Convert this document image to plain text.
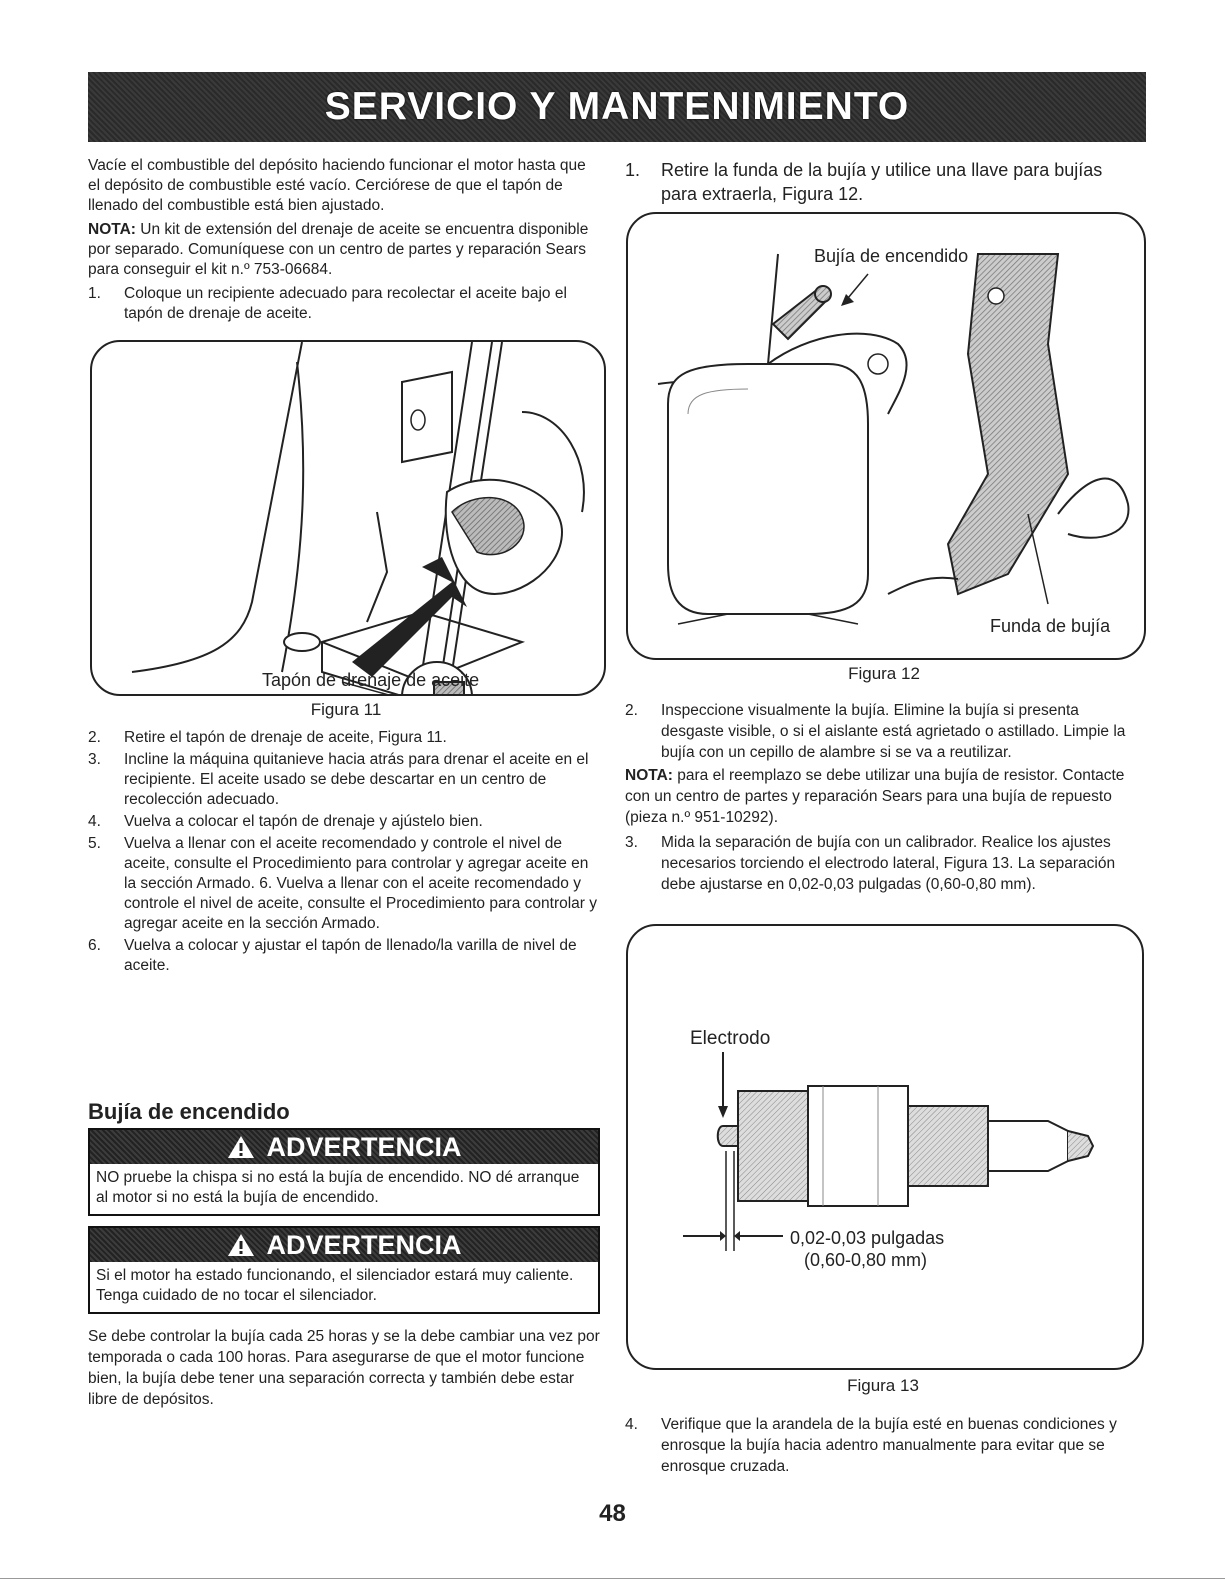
SERVICIO Y MANTENIMIENTO

Vacíe el combustible del depósito haciendo funcionar el motor hasta que el depósito de combustible esté vacío. Cerciórese de que el tapón de llenado del combustible está bien ajustado.

NOTA: Un kit de extensión del drenaje de aceite se encuentra disponible por separado. Comuníquese con un centro de partes y reparación Sears para conseguir el kit n.º 753-06684.

1. Coloque un recipiente adecuado para recolectar el aceite bajo el tapón de drenaje de aceite.
Tapón de drenaje de aceite
Figura 11
2. Retire el tapón de drenaje de aceite, Figura 11.
3. Incline la máquina quitanieve hacia atrás para drenar el aceite en el recipiente. El aceite usado se debe descartar en un centro de recolección adecuado.
4. Vuelva a colocar el tapón de drenaje y ajústelo bien.
5. Vuelva a llenar con el aceite recomendado y controle el nivel de aceite, consulte el Procedimiento para controlar y agregar aceite en la sección Armado. 6. Vuelva a llenar con el aceite recomendado y controle el nivel de aceite, consulte el Procedimiento para controlar y agregar aceite en la sección Armado.
6. Vuelva a colocar y ajustar el tapón de llenado/la varilla de nivel de aceite.
Bujía de encendido
ADVERTENCIA
NO pruebe la chispa si no está la bujía de encendido. NO dé arranque al motor si no está la bujía de encendido.
ADVERTENCIA
Si el motor ha estado funcionando, el silenciador estará muy caliente. Tenga cuidado de no tocar el silenciador.

Se debe controlar la bujía cada 25 horas y se la debe cambiar una vez por temporada o cada 100 horas. Para asegurarse de que el motor funcione bien, la bujía debe tener una separación correcta y también debe estar libre de depósitos.

1. Retire la funda de la bujía y utilice una llave para bujías para extraerla, Figura 12.
Bujía de encendido
Funda de bujía
Figura 12
2. Inspeccione visualmente la bujía. Elimine la bujía si presenta desgaste visible, o si el aislante está agrietado o astillado. Limpie la bujía con un cepillo de alambre si se va a reutilizar.

NOTA: para el reemplazo se debe utilizar una bujía de resistor. Contacte con un centro de partes y reparación Sears para una bujía de repuesto (pieza n.º 951-10292).

3. Mida la separación de bujía con un calibrador. Realice los ajustes necesarios torciendo el electrodo lateral, Figura 13. La separación debe ajustarse en 0,02-0,03 pulgadas (0,60-0,80 mm).
Electrodo
0,02-0,03 pulgadas
(0,60-0,80 mm)
Figura 13
4. Verifique que la arandela de la bujía esté en buenas condiciones y enrosque la bujía hacia adentro manualmente para evitar que se enrosque cruzada.
48
